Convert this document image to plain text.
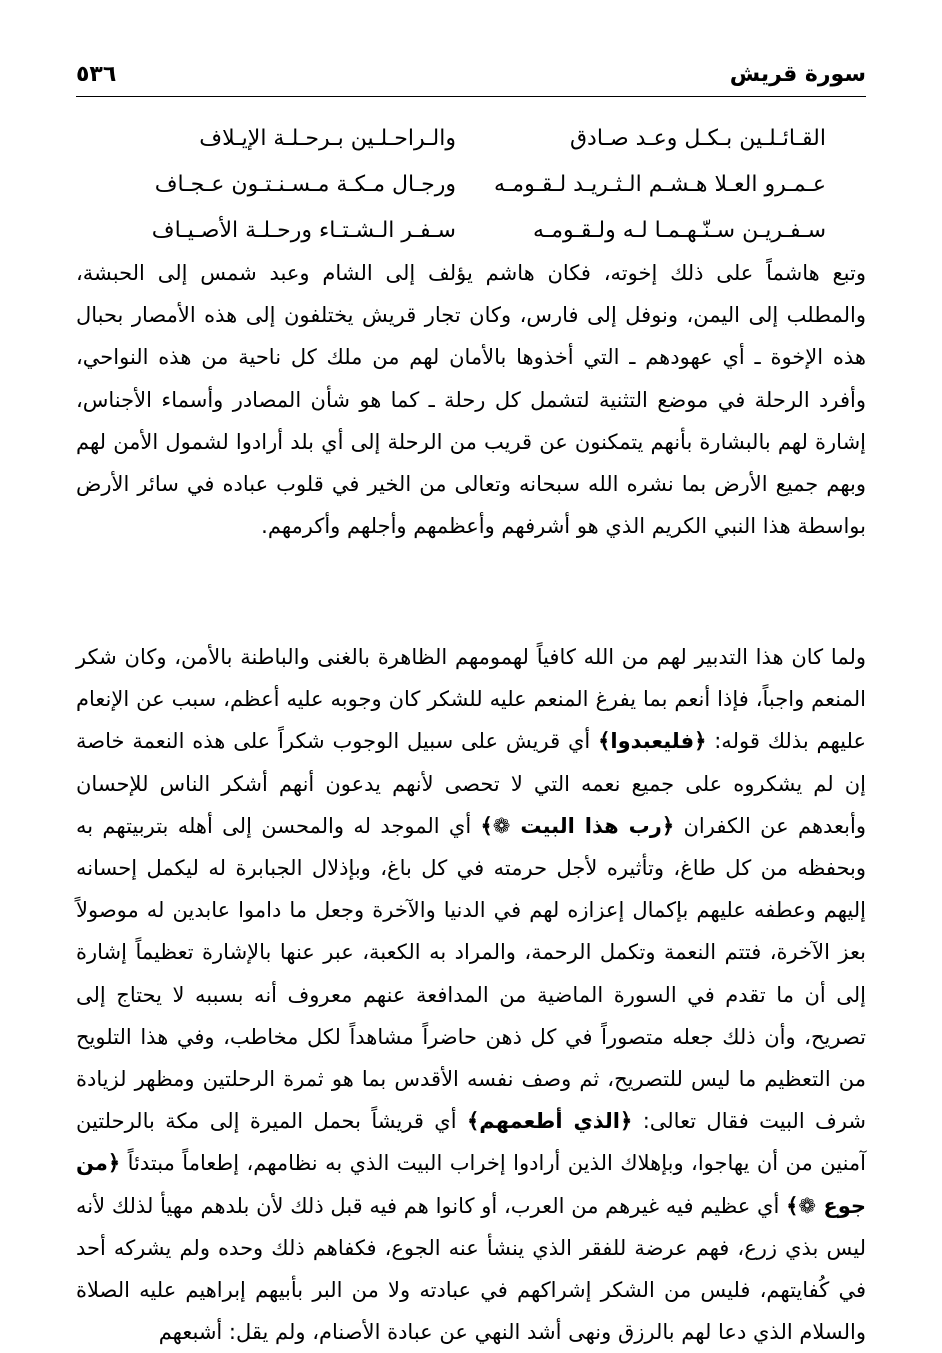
سورة قريش
٥٣٦
القـائـلـين بـكـل وعـد صـادق
والـراحـلـين بـرحـلـة الإيـلاف
عـمـرو العـلا هـشـم الـثـريـد لـقـومـه
ورجـال مـكـة مـسـنـتـون عـجـاف
سـفـريـن سـنّـهـمـا لـه ولـقـومـه
سـفـر الـشـتـاء ورحـلـة الأصـيـاف

وتبع هاشماً على ذلك إخوته، فكان هاشم يؤلف إلى الشام وعبد شمس إلى الحبشة، والمطلب إلى اليمن، ونوفل إلى فارس، وكان تجار قريش يختلفون إلى هذه الأمصار بحبال هذه الإخوة ـ أي عهودهم ـ التي أخذوها بالأمان لهم من ملك كل ناحية من هذه النواحي، وأفرد الرحلة في موضع التثنية لتشمل كل رحلة ـ كما هو شأن المصادر وأسماء الأجناس، إشارة لهم بالبشارة بأنهم يتمكنون عن قريب من الرحلة إلى أي بلد أرادوا لشمول الأمن لهم وبهم جميع الأرض بما نشره الله سبحانه وتعالى من الخير في قلوب عباده في سائر الأرض بواسطة هذا النبي الكريم الذي هو أشرفهم وأعظمهم وأجلهم وأكرمهم.

ولما كان هذا التدبير لهم من الله كافياً لهمومهم الظاهرة بالغنى والباطنة بالأمن، وكان شكر المنعم واجباً، فإذا أنعم بما يفرغ المنعم عليه للشكر كان وجوبه عليه أعظم، سبب عن الإنعام عليهم بذلك قوله: ﴿فليعبدوا﴾ أي قريش على سبيل الوجوب شكراً على هذه النعمة خاصة إن لم يشكروه على جميع نعمه التي لا تحصى لأنهم يدعون أنهم أشكر الناس للإحسان وأبعدهم عن الكفران ﴿رب هذا البيت ❁﴾ أي الموجد له والمحسن إلى أهله بتربيتهم به وبحفظه من كل طاغ، وتأثيره لأجل حرمته في كل باغ، وبإذلال الجبابرة له ليكمل إحسانه إليهم وعطفه عليهم بإكمال إعزازه لهم في الدنيا والآخرة وجعل ما داموا عابدين له موصولاً بعز الآخرة، فتتم النعمة وتكمل الرحمة، والمراد به الكعبة، عبر عنها بالإشارة تعظيماً إشارة إلى أن ما تقدم في السورة الماضية من المدافعة عنهم معروف أنه بسببه لا يحتاج إلى تصريح، وأن ذلك جعله متصوراً في كل ذهن حاضراً مشاهداً لكل مخاطب، وفي هذا التلويح من التعظيم ما ليس للتصريح، ثم وصف نفسه الأقدس بما هو ثمرة الرحلتين ومظهر لزيادة شرف البيت فقال تعالى: ﴿الذي أطعمهم﴾ أي قريشاً بحمل الميرة إلى مكة بالرحلتين آمنين من أن يهاجوا، وبإهلاك الذين أرادوا إخراب البيت الذي به نظامهم، إطعاماً مبتدئاً ﴿من جوع ❁﴾ أي عظيم فيه غيرهم من العرب، أو كانوا هم فيه قبل ذلك لأن بلدهم مهيأ لذلك لأنه ليس بذي زرع، فهم عرضة للفقر الذي ينشأ عنه الجوع، فكفاهم ذلك وحده ولم يشركه أحد في كُفايتهم، فليس من الشكر إشراكهم في عبادته ولا من البر بأبيهم إبراهيم عليه الصلاة والسلام الذي دعا لهم بالرزق ونهى أشد النهي عن عبادة الأصنام، ولم يقل: أشبعهم
